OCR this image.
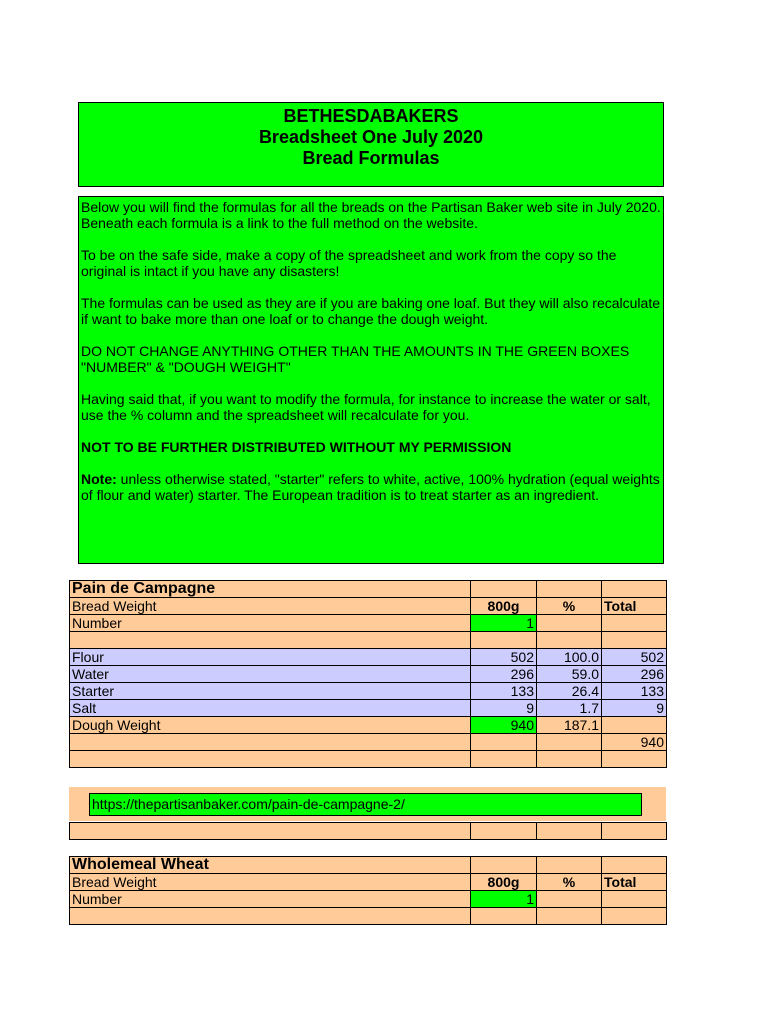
BETHESDABAKERS
Breadsheet One July 2020
Bread Formulas

Below you will find the formulas for all the breads on the Partisan Baker web site in July 2020. Beneath each formula is a link to the full method on the website.

To be on the safe side, make a copy of the spreadsheet and work from the copy so the original is intact if you have any disasters!

The formulas can be used as they are if you are baking one loaf. But they will also recalculate if want to bake more than one loaf or to change the dough weight.

DO NOT CHANGE ANYTHING OTHER THAN THE AMOUNTS IN THE GREEN BOXES "NUMBER" & "DOUGH WEIGHT"

Having said that, if you want to modify the formula, for instance to increase the water or salt, use the % column and the spreadsheet will recalculate for you.

NOT TO BE FURTHER DISTRIBUTED WITHOUT MY PERMISSION

Note: unless otherwise stated, "starter" refers to white, active, 100% hydration (equal weights of flour and water) starter. The European tradition is to treat starter as an ingredient.

Pain de Campagne			
Bread Weight	800g	%	Total
Number	1		

Flour	502	100.0	502
Water	296	59.0	296
Starter	133	26.4	133
Salt	9	1.7	9
Dough Weight	940	187.1	
			940

https://thepartisanbaker.com/pain-de-campagne-2/

Wholemeal Wheat			
Bread Weight	800g	%	Total
Number	1		
